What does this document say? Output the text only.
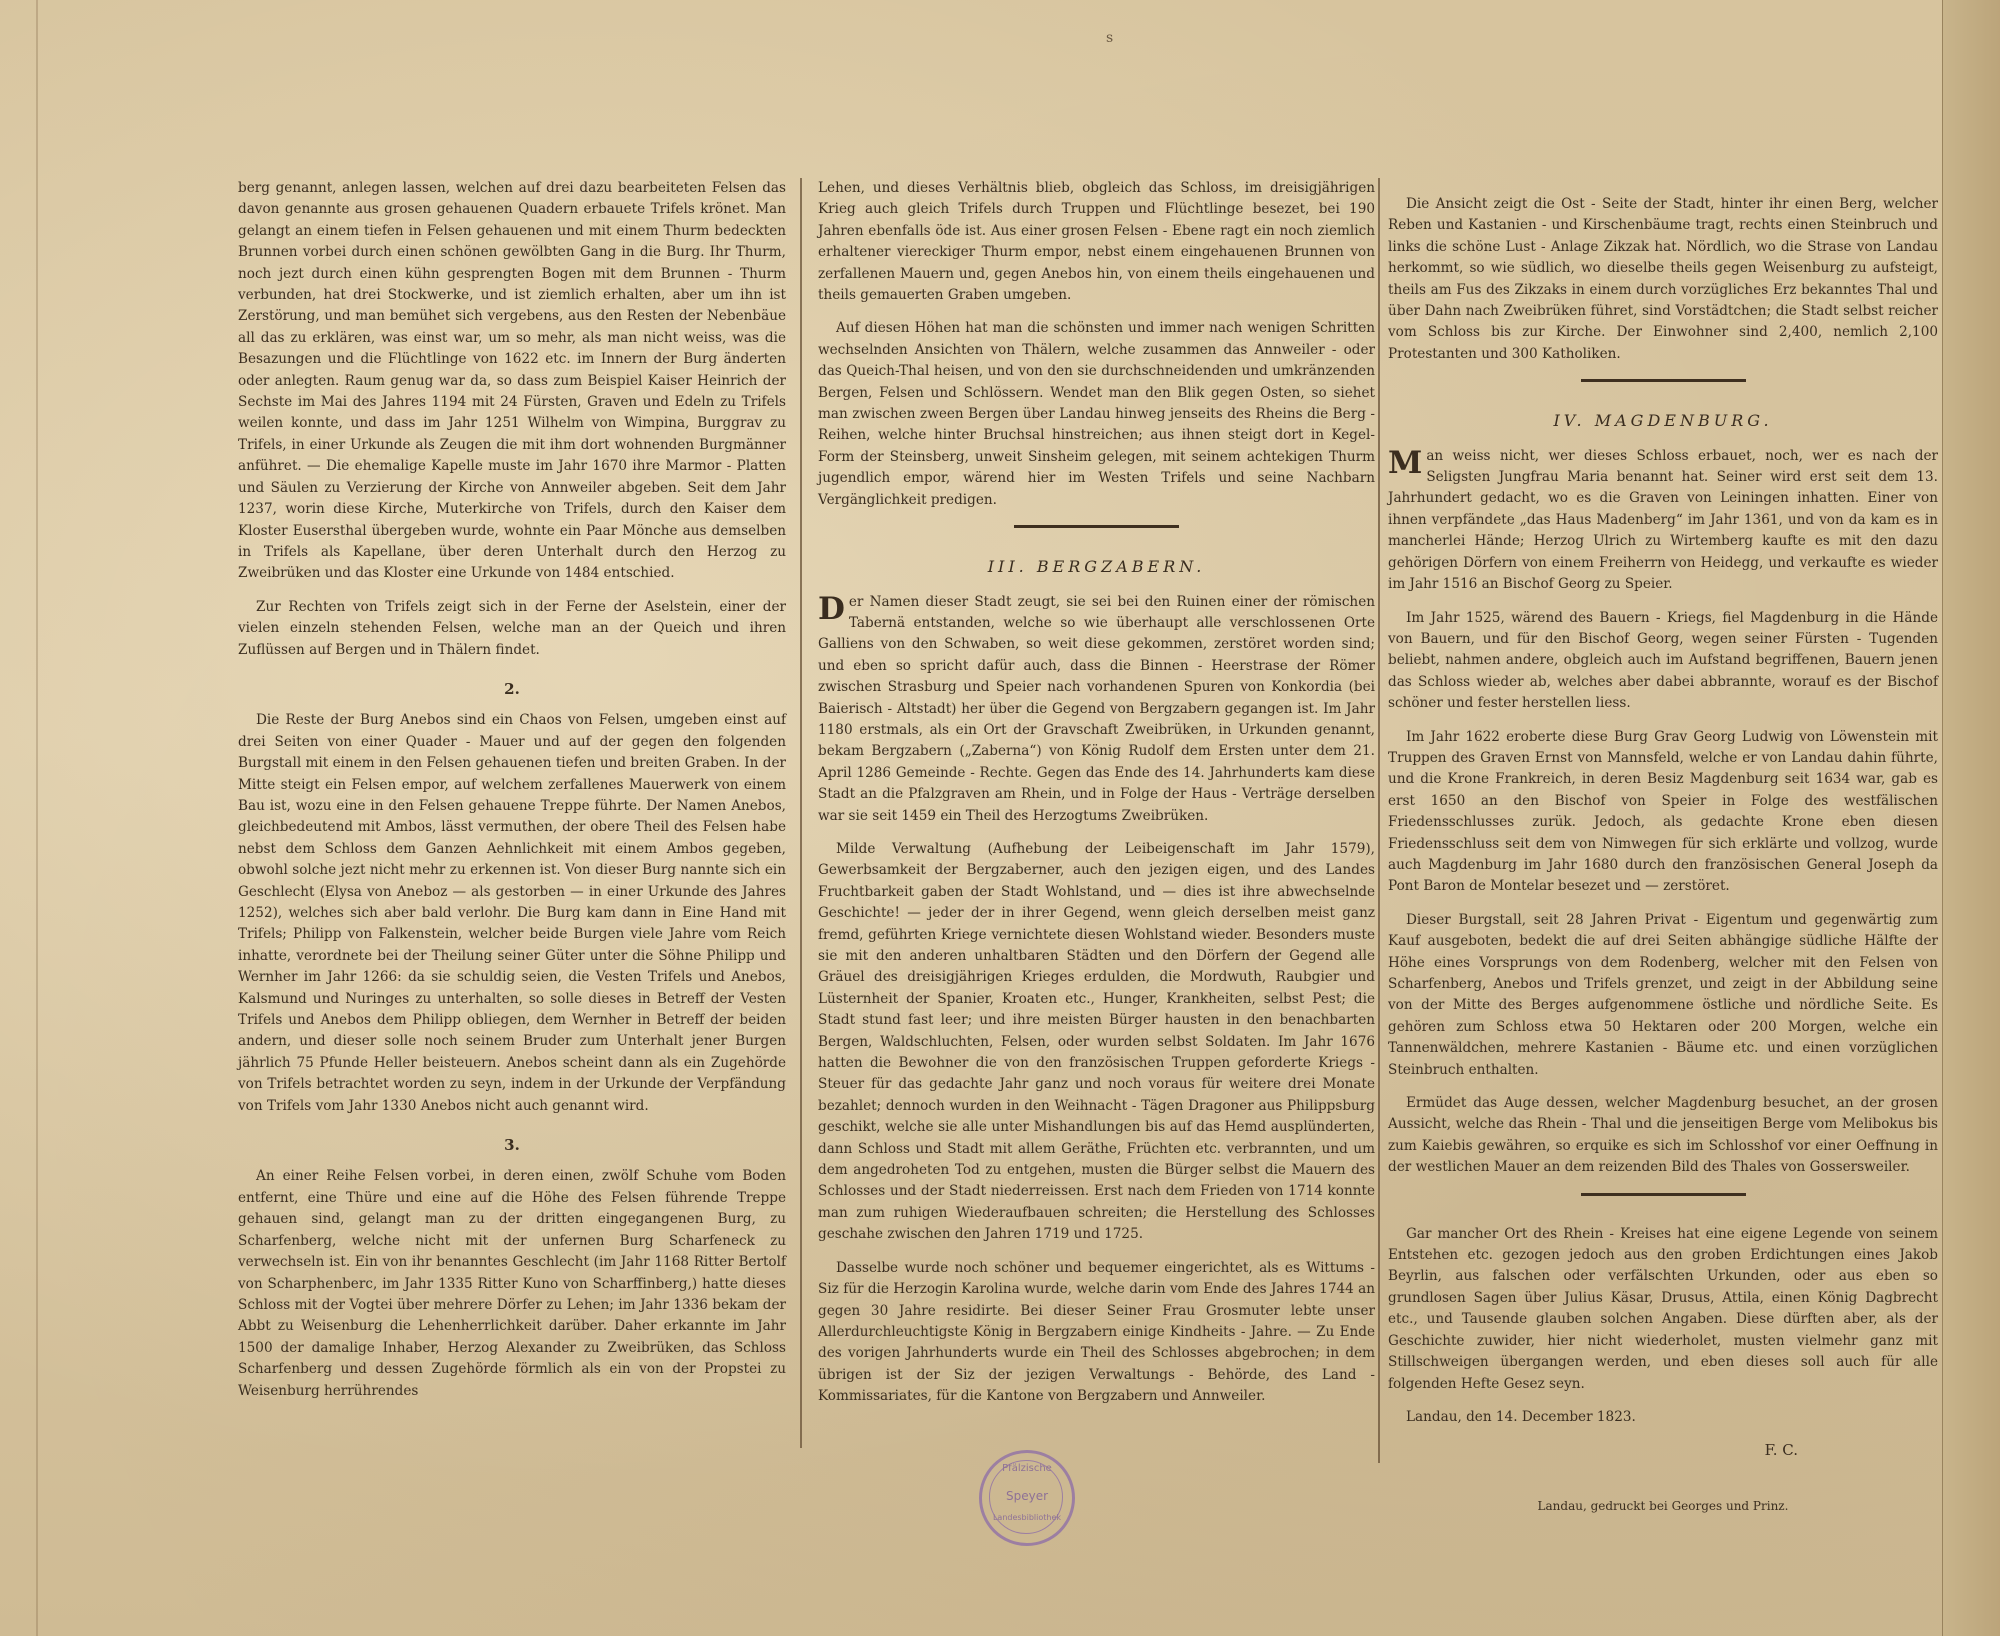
s

berg genannt, anlegen lassen, welchen auf drei dazu bearbeiteten Felsen das davon genannte aus grosen gehauenen Quadern erbauete Trifels krönet. Man gelangt an einem tiefen in Felsen gehauenen und mit einem Thurm bedeckten Brunnen vorbei durch einen schönen gewölbten Gang in die Burg. Ihr Thurm, noch jezt durch einen kühn gesprengten Bogen mit dem Brunnen - Thurm verbunden, hat drei Stockwerke, und ist ziemlich erhalten, aber um ihn ist Zerstörung, und man bemühet sich vergebens, aus den Resten der Nebenbäue all das zu erklären, was einst war, um so mehr, als man nicht weiss, was die Besazungen und die Flüchtlinge von 1622 etc. im Innern der Burg änderten oder anlegten. Raum genug war da, so dass zum Beispiel Kaiser Heinrich der Sechste im Mai des Jahres 1194 mit 24 Fürsten, Graven und Edeln zu Trifels weilen konnte, und dass im Jahr 1251 Wilhelm von Wimpina, Burggrav zu Trifels, in einer Urkunde als Zeugen die mit ihm dort wohnenden Burgmänner anführet. — Die ehemalige Kapelle muste im Jahr 1670 ihre Marmor - Platten und Säulen zu Verzierung der Kirche von Annweiler abgeben. Seit dem Jahr 1237, worin diese Kirche, Muterkirche von Trifels, durch den Kaiser dem Kloster Eusersthal übergeben wurde, wohnte ein Paar Mönche aus demselben in Trifels als Kapellane, über deren Unterhalt durch den Herzog zu Zweibrüken und das Kloster eine Urkunde von 1484 entschied.

Zur Rechten von Trifels zeigt sich in der Ferne der Aselstein, einer der vielen einzeln stehenden Felsen, welche man an der Queich und ihren Zuflüssen auf Bergen und in Thälern findet.

2.

Die Reste der Burg Anebos sind ein Chaos von Felsen, umgeben einst auf drei Seiten von einer Quader - Mauer und auf der gegen den folgenden Burgstall mit einem in den Felsen gehauenen tiefen und breiten Graben. In der Mitte steigt ein Felsen empor, auf welchem zerfallenes Mauerwerk von einem Bau ist, wozu eine in den Felsen gehauene Treppe führte. Der Namen Anebos, gleichbedeutend mit Ambos, lässt vermuthen, der obere Theil des Felsen habe nebst dem Schloss dem Ganzen Aehnlichkeit mit einem Ambos gegeben, obwohl solche jezt nicht mehr zu erkennen ist. Von dieser Burg nannte sich ein Geschlecht (Elysa von Aneboz — als gestorben — in einer Urkunde des Jahres 1252), welches sich aber bald verlohr. Die Burg kam dann in Eine Hand mit Trifels; Philipp von Falkenstein, welcher beide Burgen viele Jahre vom Reich inhatte, verordnete bei der Theilung seiner Güter unter die Söhne Philipp und Wernher im Jahr 1266: da sie schuldig seien, die Vesten Trifels und Anebos, Kalsmund und Nuringes zu unterhalten, so solle dieses in Betreff der Vesten Trifels und Anebos dem Philipp obliegen, dem Wernher in Betreff der beiden andern, und dieser solle noch seinem Bruder zum Unterhalt jener Burgen jährlich 75 Pfunde Heller beisteuern. Anebos scheint dann als ein Zugehörde von Trifels betrachtet worden zu seyn, indem in der Urkunde der Verpfändung von Trifels vom Jahr 1330 Anebos nicht auch genannt wird.

3.

An einer Reihe Felsen vorbei, in deren einen, zwölf Schuhe vom Boden entfernt, eine Thüre und eine auf die Höhe des Felsen führende Treppe gehauen sind, gelangt man zu der dritten eingegangenen Burg, zu Scharfenberg, welche nicht mit der unfernen Burg Scharfeneck zu verwechseln ist. Ein von ihr benanntes Geschlecht (im Jahr 1168 Ritter Bertolf von Scharphenberc, im Jahr 1335 Ritter Kuno von Scharffinberg,) hatte dieses Schloss mit der Vogtei über mehrere Dörfer zu Lehen; im Jahr 1336 bekam der Abbt zu Weisenburg die Lehenherrlichkeit darüber. Daher erkannte im Jahr 1500 der damalige Inhaber, Herzog Alexander zu Zweibrüken, das Schloss Scharfenberg und dessen Zugehörde förmlich als ein von der Propstei zu Weisenburg herrührendes

Lehen, und dieses Verhältnis blieb, obgleich das Schloss, im dreisigjährigen Krieg auch gleich Trifels durch Truppen und Flüchtlinge besezet, bei 190 Jahren ebenfalls öde ist. Aus einer grosen Felsen - Ebene ragt ein noch ziemlich erhaltener viereckiger Thurm empor, nebst einem eingehauenen Brunnen von zerfallenen Mauern und, gegen Anebos hin, von einem theils eingehauenen und theils gemauerten Graben umgeben.

Auf diesen Höhen hat man die schönsten und immer nach wenigen Schritten wechselnden Ansichten von Thälern, welche zusammen das Annweiler - oder das Queich-Thal heisen, und von den sie durchschneidenden und umkränzenden Bergen, Felsen und Schlössern. Wendet man den Blik gegen Osten, so siehet man zwischen zween Bergen über Landau hinweg jenseits des Rheins die Berg - Reihen, welche hinter Bruchsal hinstreichen; aus ihnen steigt dort in Kegel-Form der Steinsberg, unweit Sinsheim gelegen, mit seinem achtekigen Thurm jugendlich empor, wärend hier im Westen Trifels und seine Nachbarn Vergänglichkeit predigen.

III. BERGZABERN.

Der Namen dieser Stadt zeugt, sie sei bei den Ruinen einer der römischen Tabernä entstanden, welche so wie überhaupt alle verschlossenen Orte Galliens von den Schwaben, so weit diese gekommen, zerstöret worden sind; und eben so spricht dafür auch, dass die Binnen - Heerstrase der Römer zwischen Strasburg und Speier nach vorhandenen Spuren von Konkordia (bei Baierisch - Altstadt) her über die Gegend von Bergzabern gegangen ist. Im Jahr 1180 erstmals, als ein Ort der Gravschaft Zweibrüken, in Urkunden genannt, bekam Bergzabern („Zaberna“) von König Rudolf dem Ersten unter dem 21. April 1286 Gemeinde - Rechte. Gegen das Ende des 14. Jahrhunderts kam diese Stadt an die Pfalzgraven am Rhein, und in Folge der Haus - Verträge derselben war sie seit 1459 ein Theil des Herzogtums Zweibrüken.

Milde Verwaltung (Aufhebung der Leibeigenschaft im Jahr 1579), Gewerbsamkeit der Bergzaberner, auch den jezigen eigen, und des Landes Fruchtbarkeit gaben der Stadt Wohlstand, und — dies ist ihre abwechselnde Geschichte! — jeder der in ihrer Gegend, wenn gleich derselben meist ganz fremd, geführten Kriege vernichtete diesen Wohlstand wieder. Besonders muste sie mit den anderen unhaltbaren Städten und den Dörfern der Gegend alle Gräuel des dreisigjährigen Krieges erdulden, die Mordwuth, Raubgier und Lüsternheit der Spanier, Kroaten etc., Hunger, Krankheiten, selbst Pest; die Stadt stund fast leer; und ihre meisten Bürger hausten in den benachbarten Bergen, Waldschluchten, Felsen, oder wurden selbst Soldaten. Im Jahr 1676 hatten die Bewohner die von den französischen Truppen geforderte Kriegs - Steuer für das gedachte Jahr ganz und noch voraus für weitere drei Monate bezahlet; dennoch wurden in den Weihnacht - Tägen Dragoner aus Philippsburg geschikt, welche sie alle unter Mishandlungen bis auf das Hemd ausplünderten, dann Schloss und Stadt mit allem Geräthe, Früchten etc. verbrannten, und um dem angedroheten Tod zu entgehen, musten die Bürger selbst die Mauern des Schlosses und der Stadt niederreissen. Erst nach dem Frieden von 1714 konnte man zum ruhigen Wiederaufbauen schreiten; die Herstellung des Schlosses geschahe zwischen den Jahren 1719 und 1725.

Dasselbe wurde noch schöner und bequemer eingerichtet, als es Wittums - Siz für die Herzogin Karolina wurde, welche darin vom Ende des Jahres 1744 an gegen 30 Jahre residirte. Bei dieser Seiner Frau Grosmuter lebte unser Allerdurchleuchtigste König in Bergzabern einige Kindheits - Jahre. — Zu Ende des vorigen Jahrhunderts wurde ein Theil des Schlosses abgebrochen; in dem übrigen ist der Siz der jezigen Verwaltungs - Behörde, des Land - Kommissariates, für die Kantone von Bergzabern und Annweiler.

Die Ansicht zeigt die Ost - Seite der Stadt, hinter ihr einen Berg, welcher Reben und Kastanien - und Kirschenbäume tragt, rechts einen Steinbruch und links die schöne Lust - Anlage Zikzak hat. Nördlich, wo die Strase von Landau herkommt, so wie südlich, wo dieselbe theils gegen Weisenburg zu aufsteigt, theils am Fus des Zikzaks in einem durch vorzügliches Erz bekanntes Thal und über Dahn nach Zweibrüken führet, sind Vorstädtchen; die Stadt selbst reicher vom Schloss bis zur Kirche. Der Einwohner sind 2,400, nemlich 2,100 Protestanten und 300 Katholiken.

IV. MAGDENBURG.

Man weiss nicht, wer dieses Schloss erbauet, noch, wer es nach der Seligsten Jungfrau Maria benannt hat. Seiner wird erst seit dem 13. Jahrhundert gedacht, wo es die Graven von Leiningen inhatten. Einer von ihnen verpfändete „das Haus Madenberg“ im Jahr 1361, und von da kam es in mancherlei Hände; Herzog Ulrich zu Wirtemberg kaufte es mit den dazu gehörigen Dörfern von einem Freiherrn von Heidegg, und verkaufte es wieder im Jahr 1516 an Bischof Georg zu Speier.

Im Jahr 1525, wärend des Bauern - Kriegs, fiel Magdenburg in die Hände von Bauern, und für den Bischof Georg, wegen seiner Fürsten - Tugenden beliebt, nahmen andere, obgleich auch im Aufstand begriffenen, Bauern jenen das Schloss wieder ab, welches aber dabei abbrannte, worauf es der Bischof schöner und fester herstellen liess.

Im Jahr 1622 eroberte diese Burg Grav Georg Ludwig von Löwenstein mit Truppen des Graven Ernst von Mannsfeld, welche er von Landau dahin führte, und die Krone Frankreich, in deren Besiz Magdenburg seit 1634 war, gab es erst 1650 an den Bischof von Speier in Folge des westfälischen Friedensschlusses zurük. Jedoch, als gedachte Krone eben diesen Friedensschluss seit dem von Nimwegen für sich erklärte und vollzog, wurde auch Magdenburg im Jahr 1680 durch den französischen General Joseph da Pont Baron de Montelar besezet und — zerstöret.

Dieser Burgstall, seit 28 Jahren Privat - Eigentum und gegenwärtig zum Kauf ausgeboten, bedekt die auf drei Seiten abhängige südliche Hälfte der Höhe eines Vorsprungs von dem Rodenberg, welcher mit den Felsen von Scharfenberg, Anebos und Trifels grenzet, und zeigt in der Abbildung seine von der Mitte des Berges aufgenommene östliche und nördliche Seite. Es gehören zum Schloss etwa 50 Hektaren oder 200 Morgen, welche ein Tannenwäldchen, mehrere Kastanien - Bäume etc. und einen vorzüglichen Steinbruch enthalten.

Ermüdet das Auge dessen, welcher Magdenburg besuchet, an der grosen Aussicht, welche das Rhein - Thal und die jenseitigen Berge vom Melibokus bis zum Kaiebis gewähren, so erquike es sich im Schlosshof vor einer Oeffnung in der westlichen Mauer an dem reizenden Bild des Thales von Gossersweiler.

Gar mancher Ort des Rhein - Kreises hat eine eigene Legende von seinem Entstehen etc. gezogen jedoch aus den groben Erdichtungen eines Jakob Beyrlin, aus falschen oder verfälschten Urkunden, oder aus eben so grundlosen Sagen über Julius Käsar, Drusus, Attila, einen König Dagbrecht etc., und Tausende glauben solchen Angaben. Diese dürften aber, als der Geschichte zuwider, hier nicht wiederholet, musten vielmehr ganz mit Stillschweigen übergangen werden, und eben dieses soll auch für alle folgenden Hefte Gesez seyn.

Landau, den 14. December 1823.

F. C.
Landau, gedruckt bei Georges und Prinz.
Pfälzische
Speyer
Landesbibliothek
